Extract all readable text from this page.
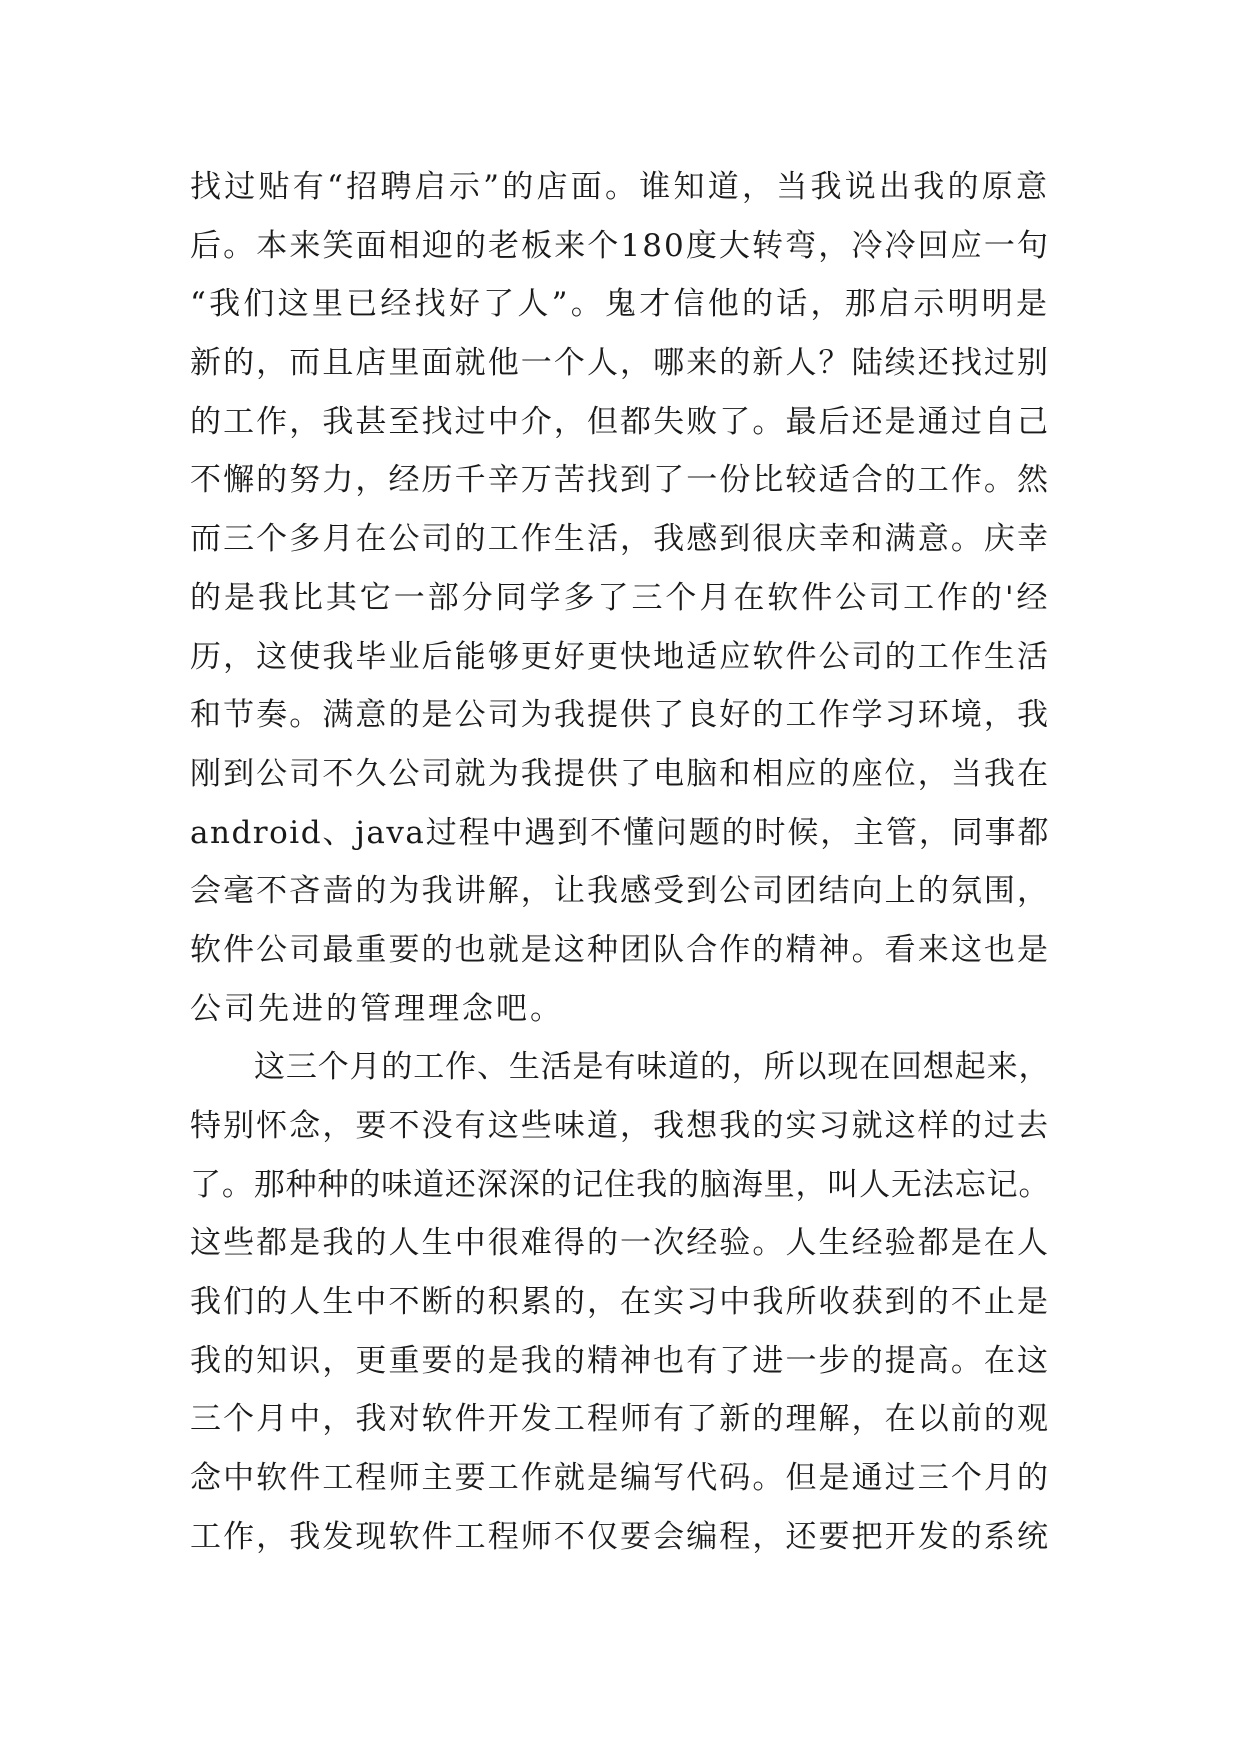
找过贴有“招聘启示”的店面。谁知道，当我说出我的原意
后。本来笑面相迎的老板来个180度大转弯，冷冷回应一句
“我们这里已经找好了人”。鬼才信他的话，那启示明明是
新的，而且店里面就他一个人，哪来的新人？陆续还找过别
的工作，我甚至找过中介，但都失败了。最后还是通过自己
不懈的努力，经历千辛万苦找到了一份比较适合的工作。然
而三个多月在公司的工作生活，我感到很庆幸和满意。庆幸
的是我比其它一部分同学多了三个月在软件公司工作的'经
历，这使我毕业后能够更好更快地适应软件公司的工作生活
和节奏。满意的是公司为我提供了良好的工作学习环境，我
刚到公司不久公司就为我提供了电脑和相应的座位，当我在
android、java过程中遇到不懂问题的时候，主管，同事都
会毫不吝啬的为我讲解，让我感受到公司团结向上的氛围，
软件公司最重要的也就是这种团队合作的精神。看来这也是
公司先进的管理理念吧。
这三个月的工作、生活是有味道的，所以现在回想起来，
特别怀念，要不没有这些味道，我想我的实习就这样的过去
了。那种种的味道还深深的记住我的脑海里，叫人无法忘记。
这些都是我的人生中很难得的一次经验。人生经验都是在人
我们的人生中不断的积累的，在实习中我所收获到的不止是
我的知识，更重要的是我的精神也有了进一步的提高。在这
三个月中，我对软件开发工程师有了新的理解，在以前的观
念中软件工程师主要工作就是编写代码。但是通过三个月的
工作，我发现软件工程师不仅要会编程，还要把开发的系统
